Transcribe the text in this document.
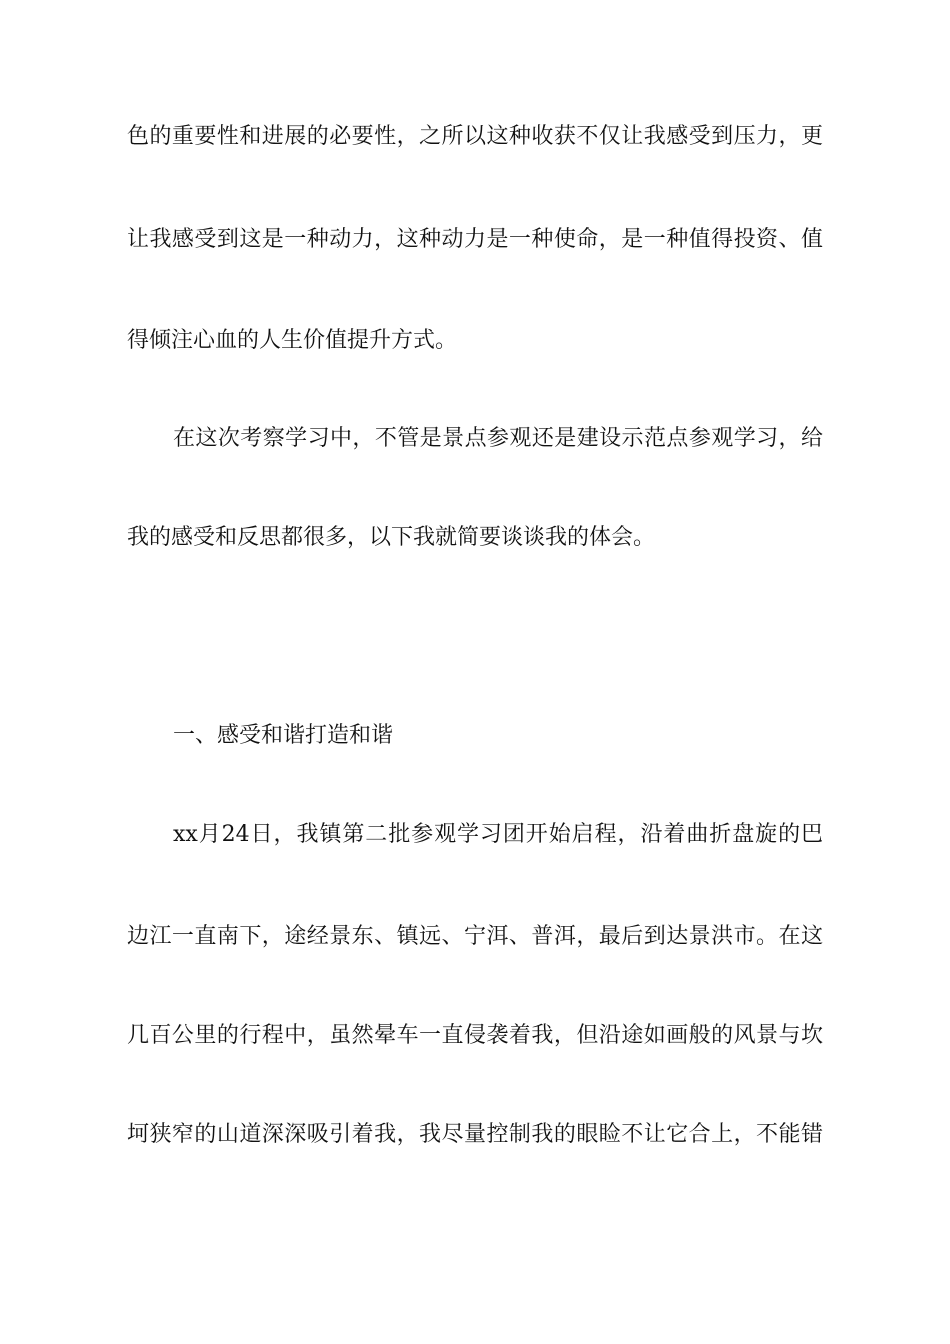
色的重要性和进展的必要性，之所以这种收获不仅让我感受到压力，更
让我感受到这是一种动力，这种动力是一种使命，是一种值得投资、值
得倾注心血的人生价值提升方式。
在这次考察学习中，不管是景点参观还是建设示范点参观学习，给
我的感受和反思都很多，以下我就简要谈谈我的体会。
一、感受和谐打造和谐
xx月24日，我镇第二批参观学习团开始启程，沿着曲折盘旋的巴
边江一直南下，途经景东、镇远、宁洱、普洱，最后到达景洪市。在这
几百公里的行程中，虽然晕车一直侵袭着我，但沿途如画般的风景与坎
坷狭窄的山道深深吸引着我，我尽量控制我的眼睑不让它合上，不能错
